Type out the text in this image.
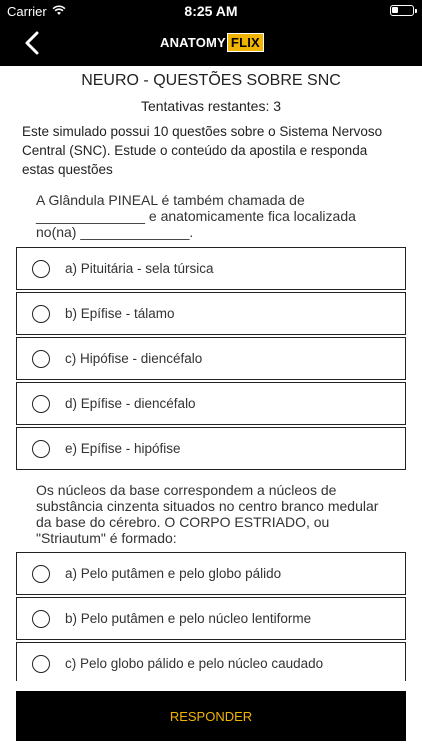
Carrier	8:25 AM
ANATOMY FLIX
NEURO - QUESTÕES SOBRE SNC
Tentativas restantes: 3
Este simulado possui 10 questões sobre o Sistema Nervoso Central (SNC). Estude o conteúdo da apostila e responda estas questões
A Glândula PINEAL é também chamada de ______________ e anatomicamente fica localizada no(na) ______________.
a) Pituitária - sela túrsica
b) Epífise - tálamo
c) Hipófise - diencéfalo
d) Epífise - diencéfalo
e) Epífise - hipófise
Os núcleos da base correspondem a núcleos de substância cinzenta situados no centro branco medular da base do cérebro. O CORPO ESTRIADO, ou "Striautum" é formado:
a) Pelo putâmen e pelo globo pálido
b) Pelo putâmen e pelo núcleo lentiforme
c) Pelo globo pálido e pelo núcleo caudado
RESPONDER
